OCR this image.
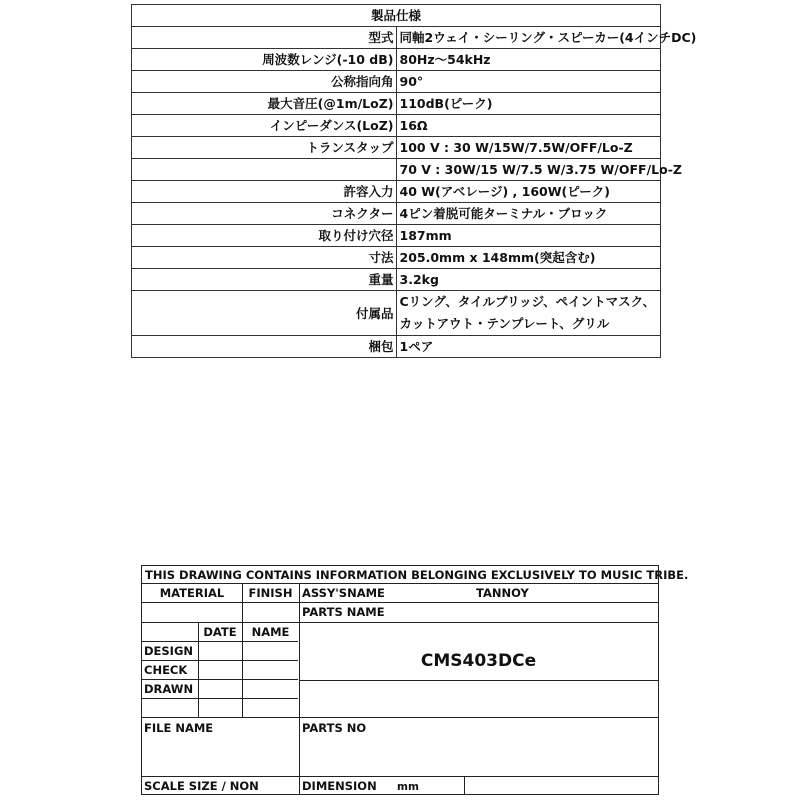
製品仕様	
型式	同軸2ウェイ・シーリング・スピーカー(4インチDC)
周波数レンジ(-10 dB)	80Hz〜54kHz
公称指向角	90°
最大音圧(@1m/LoZ)	110dB(ピーク)
インピーダンス(LoZ)	16Ω
トランスタップ	100 V : 30 W/15W/7.5W/OFF/Lo-Z
	70 V : 30W/15 W/7.5 W/3.75 W/OFF/Lo-Z
許容入力	40 W(アベレージ) , 160W(ピーク)
コネクター	4ピン着脱可能ターミナル・ブロック
取り付け穴径	187mm
寸法	205.0mm x 148mm(突起含む)
重量	3.2kg
付属品	Cリング、タイルブリッジ、ペイントマスク、カットアウト・テンプレート、グリル
梱包	1ペア
THIS DRAWING CONTAINS INFORMATION BELONGING EXCLUSIVELY TO MUSIC TRIBE.
MATERIAL	FINISH ASSY'SNAME	TANNOY
PARTS NAME
DATE	NAME
DESIGN
CHECK
DRAWN
CMS403DCe
FILE NAME	PARTS NO
SCALE SIZE / NON	DIMENSION mm
